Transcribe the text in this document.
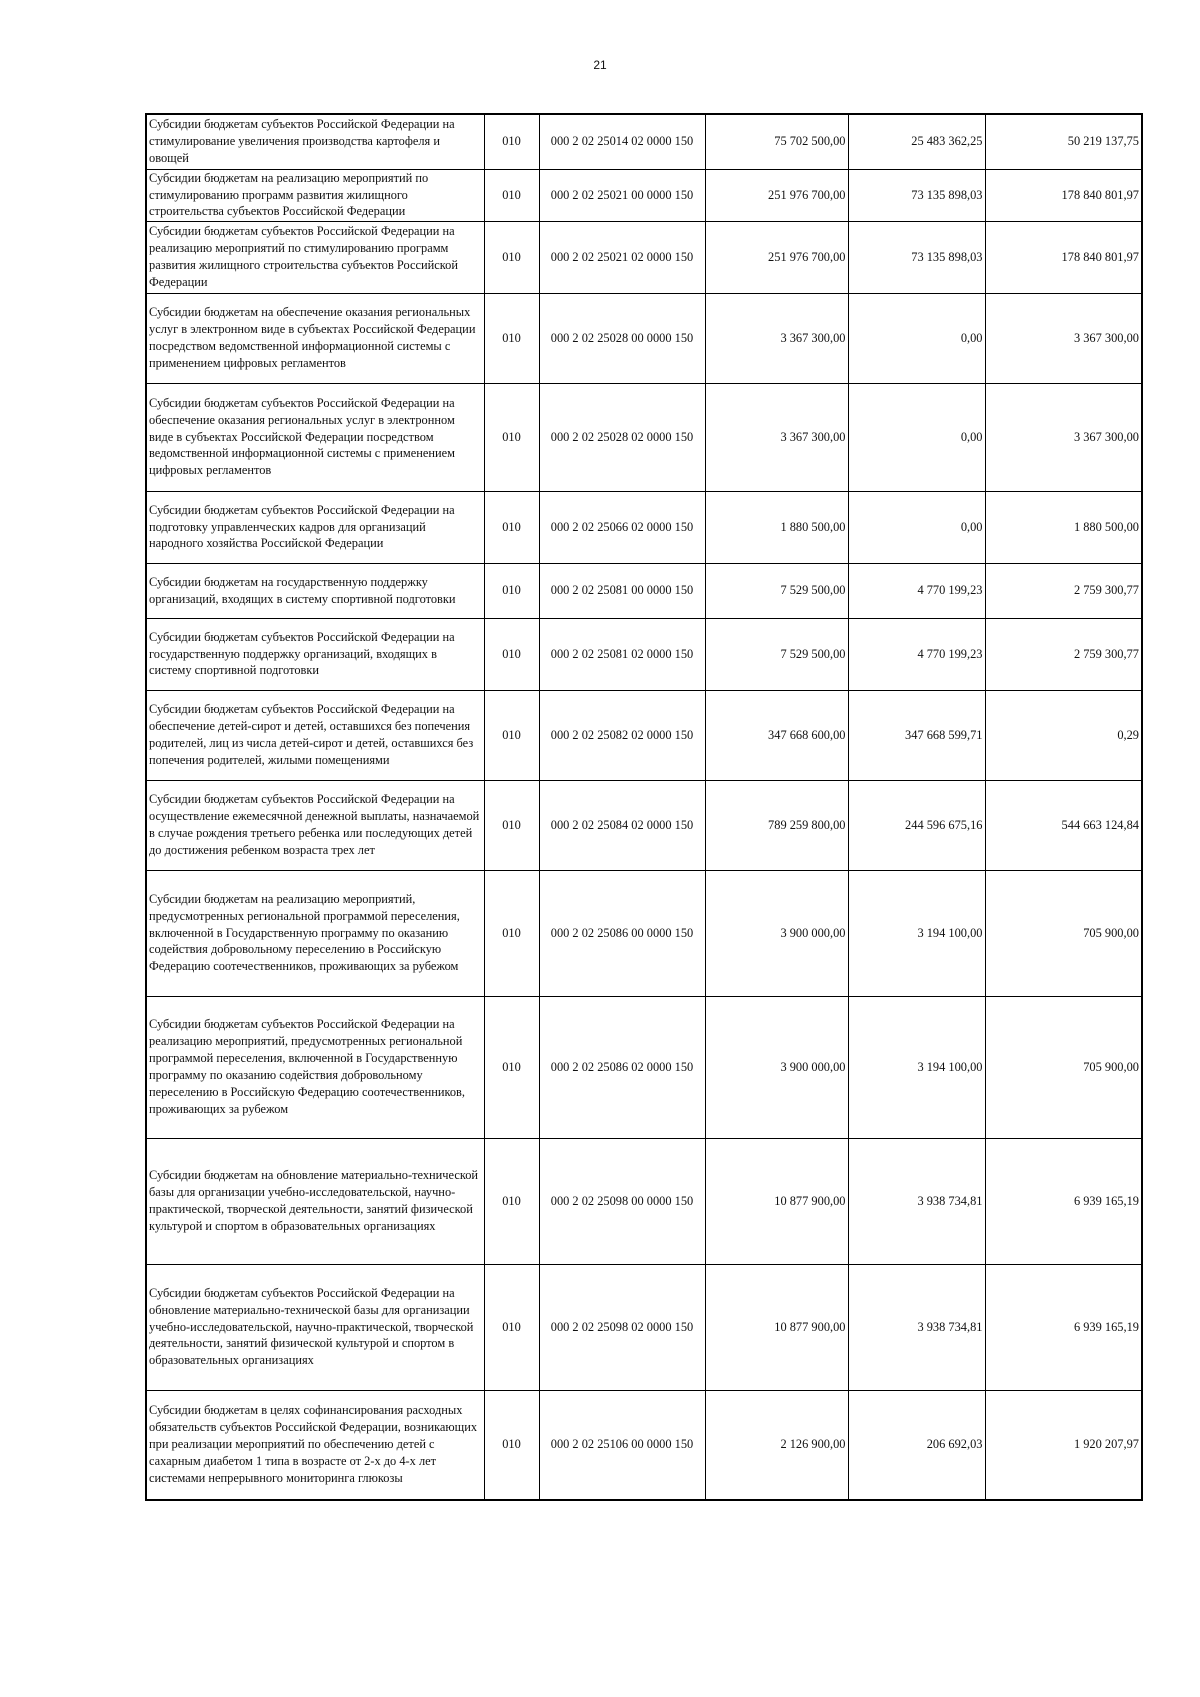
21
Субсидии бюджетам субъектов Российской Федерации на стимулирование увеличения производства картофеля и овощей	010	000 2 02 25014 02 0000 150	75 702 500,00	25 483 362,25	50 219 137,75
Субсидии бюджетам на реализацию мероприятий по стимулированию программ развития жилищного строительства субъектов Российской Федерации	010	000 2 02 25021 00 0000 150	251 976 700,00	73 135 898,03	178 840 801,97
Субсидии бюджетам субъектов Российской Федерации на реализацию мероприятий по стимулированию программ развития жилищного строительства субъектов Российской Федерации	010	000 2 02 25021 02 0000 150	251 976 700,00	73 135 898,03	178 840 801,97
Субсидии бюджетам на обеспечение оказания региональных услуг в электронном виде в субъектах Российской Федерации посредством ведомственной информационной системы с применением цифровых регламентов	010	000 2 02 25028 00 0000 150	3 367 300,00	0,00	3 367 300,00
Субсидии бюджетам субъектов Российской Федерации на обеспечение оказания региональных услуг в электронном виде в субъектах Российской Федерации посредством ведомственной информационной системы с применением цифровых регламентов	010	000 2 02 25028 02 0000 150	3 367 300,00	0,00	3 367 300,00
Субсидии бюджетам субъектов Российской Федерации на подготовку управленческих кадров для организаций народного хозяйства Российской Федерации	010	000 2 02 25066 02 0000 150	1 880 500,00	0,00	1 880 500,00
Субсидии бюджетам на государственную поддержку организаций, входящих в систему спортивной подготовки	010	000 2 02 25081 00 0000 150	7 529 500,00	4 770 199,23	2 759 300,77
Субсидии бюджетам субъектов Российской Федерации на государственную поддержку организаций, входящих в систему спортивной подготовки	010	000 2 02 25081 02 0000 150	7 529 500,00	4 770 199,23	2 759 300,77
Субсидии бюджетам субъектов Российской Федерации на обеспечение детей-сирот и детей, оставшихся без попечения родителей, лиц из числа детей-сирот и детей, оставшихся без попечения родителей, жилыми помещениями	010	000 2 02 25082 02 0000 150	347 668 600,00	347 668 599,71	0,29
Субсидии бюджетам субъектов Российской Федерации на осуществление ежемесячной денежной выплаты, назначаемой в случае рождения третьего ребенка или последующих детей до достижения ребенком возраста трех лет	010	000 2 02 25084 02 0000 150	789 259 800,00	244 596 675,16	544 663 124,84
Субсидии бюджетам на реализацию мероприятий, предусмотренных региональной программой переселения, включенной в Государственную программу по оказанию содействия добровольному переселению в Российскую Федерацию соотечественников, проживающих за рубежом	010	000 2 02 25086 00 0000 150	3 900 000,00	3 194 100,00	705 900,00
Субсидии бюджетам субъектов Российской Федерации на реализацию мероприятий, предусмотренных региональной программой переселения, включенной в Государственную программу по оказанию содействия добровольному переселению в Российскую Федерацию соотечественников, проживающих за рубежом	010	000 2 02 25086 02 0000 150	3 900 000,00	3 194 100,00	705 900,00
Субсидии бюджетам на обновление материально-технической базы для организации учебно-исследовательской, научно-практической, творческой деятельности, занятий физической культурой и спортом в образовательных организациях	010	000 2 02 25098 00 0000 150	10 877 900,00	3 938 734,81	6 939 165,19
Субсидии бюджетам субъектов Российской Федерации на обновление материально-технической базы для организации учебно-исследовательской, научно-практической, творческой деятельности, занятий физической культурой и спортом в образовательных организациях	010	000 2 02 25098 02 0000 150	10 877 900,00	3 938 734,81	6 939 165,19
Субсидии бюджетам в целях софинансирования расходных обязательств субъектов Российской Федерации, возникающих при реализации мероприятий по обеспечению детей с сахарным диабетом 1 типа в возрасте от 2-х до 4-х лет системами непрерывного мониторинга глюкозы	010	000 2 02 25106 00 0000 150	2 126 900,00	206 692,03	1 920 207,97
